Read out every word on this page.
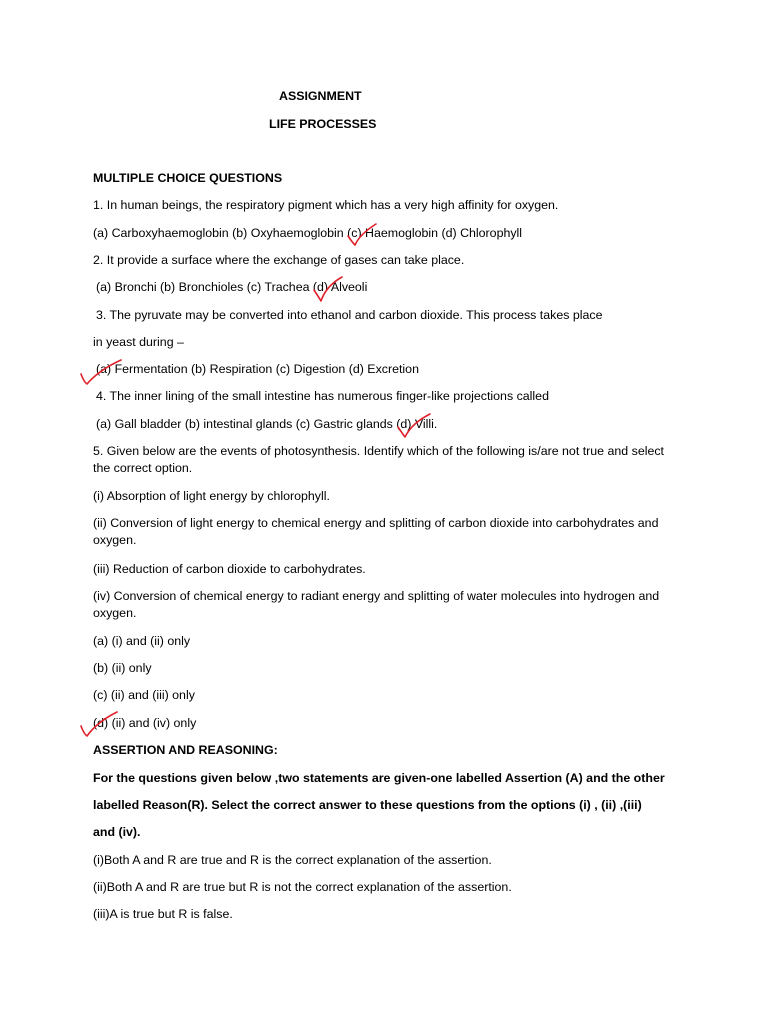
ASSIGNMENT
LIFE PROCESSES
MULTIPLE CHOICE QUESTIONS
1. In human beings, the respiratory pigment which has a very high affinity for oxygen.
(a) Carboxyhaemoglobin (b) Oxyhaemoglobin (c) Haemoglobin (d) Chlorophyll
2. It provide a surface where the exchange of gases can take place.
(a) Bronchi (b) Bronchioles (c) Trachea (d) Alveoli
3. The pyruvate may be converted into ethanol and carbon dioxide. This process takes place
in yeast during –
(a) Fermentation (b) Respiration (c) Digestion (d) Excretion
4. The inner lining of the small intestine has numerous finger-like projections called
(a) Gall bladder (b) intestinal glands (c) Gastric glands (d) Villi.
5. Given below are the events of photosynthesis. Identify which of the following is/are not true and select the correct option.
(i) Absorption of light energy by chlorophyll.
(ii) Conversion of light energy to chemical energy and splitting of carbon dioxide into carbohydrates and oxygen.
(iii) Reduction of carbon dioxide to carbohydrates.
(iv) Conversion of chemical energy to radiant energy and splitting of water molecules into hydrogen and oxygen.
(a) (i) and (ii) only
(b) (ii) only
(c) (ii) and (iii) only
(d) (ii) and (iv) only
ASSERTION AND REASONING:
For the questions given below ,two statements are given-one labelled Assertion (A) and the other
labelled Reason(R). Select the correct answer to these questions from the options (i) , (ii) ,(iii)
and (iv).
(i)Both A and R are true and R is the correct explanation of the assertion.
(ii)Both A and R are true but R is not the correct explanation of the assertion.
(iii)A is true but R is false.
